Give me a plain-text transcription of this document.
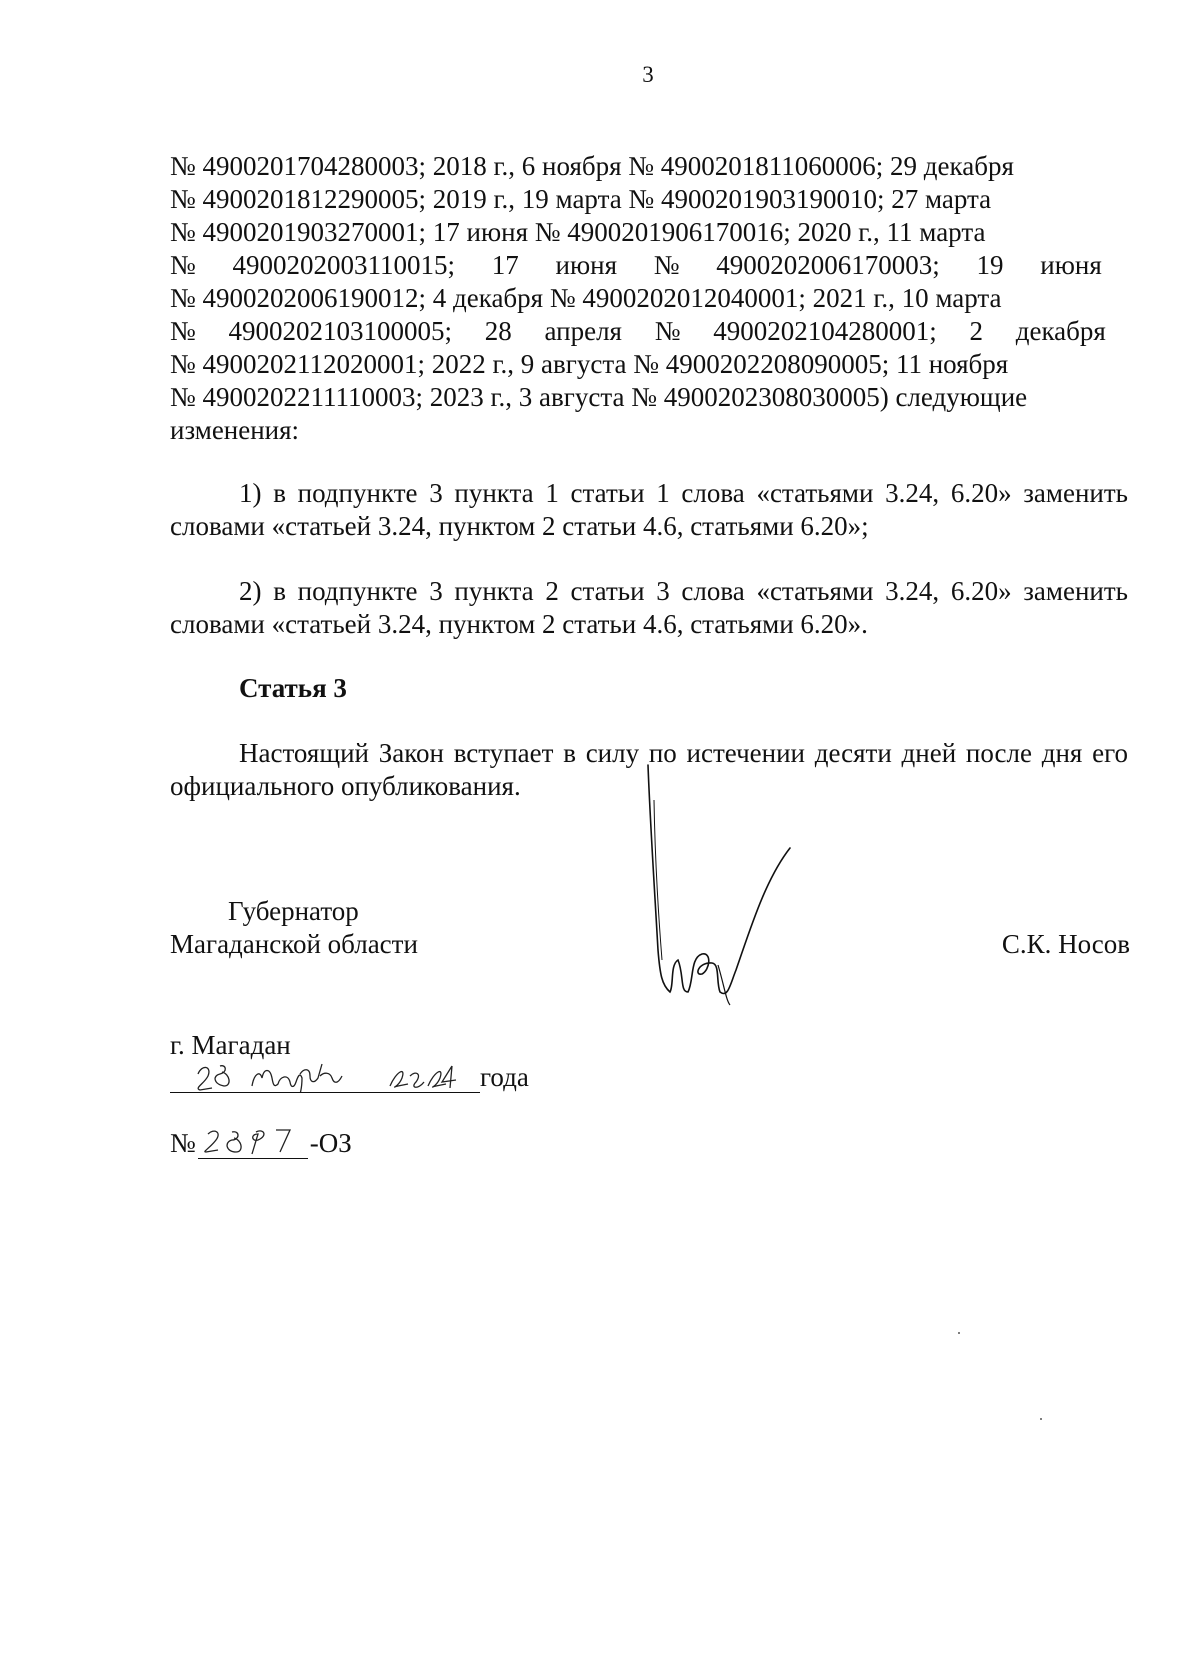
3
№ 4900201704280003; 2018 г., 6 ноября № 4900201811060006; 29 декабря
№ 4900201812290005; 2019 г., 19 марта № 4900201903190010; 27 марта
№ 4900201903270001; 17 июня № 4900201906170016; 2020 г., 11 марта
№ 4900202003110015; 17 июня № 4900202006170003; 19 июня
№ 4900202006190012; 4 декабря № 4900202012040001; 2021 г., 10 марта
№ 4900202103100005; 28 апреля № 4900202104280001; 2 декабря
№ 4900202112020001; 2022 г., 9 августа № 4900202208090005; 11 ноября
№ 4900202211110003; 2023 г., 3 августа № 4900202308030005) следующие
изменения:
1) в подпункте 3 пункта 1 статьи 1 слова «статьями 3.24, 6.20» заменить словами «статьей 3.24, пунктом 2 статьи 4.6, статьями 6.20»;
2) в подпункте 3 пункта 2 статьи 3 слова «статьями 3.24, 6.20» заменить словами «статьей 3.24, пунктом 2 статьи 4.6, статьями 6.20».
Статья 3
Настоящий Закон вступает в силу по истечении десяти дней после дня его официального опубликования.
Губернатор
Магаданской области	С.К. Носов
г. Магадан
года
№	-ОЗ
